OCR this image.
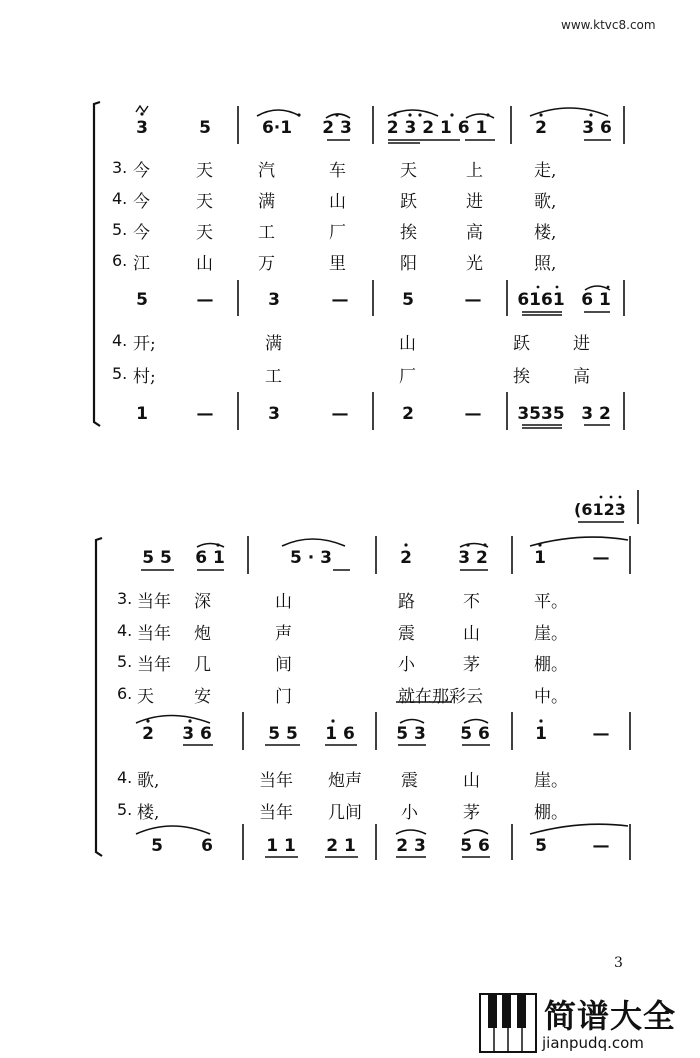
www.ktvc8.com
3	5	6·1 2 3 2 3 2 1 6 1	2 3 6
3. 今	天	汽	车	天	上	走,
4. 今	天	满	山	跃	进	歌,
5. 今	天	工	厂	挨	高	楼,
6. 江	山	万	里	阳	光	照,
5	—	3	—	5	— 6161 6 1
4. 开;	满	山	跃	进
5. 村;	工	厂	挨	高
1	—	3	—	2	— 3535 3 2
(6123
5 5 6 1	5 · 3	2	3 2	1	—
3. 当年 深	山	路	不	平。
4. 当年 炮	声	震	山	崖。
5. 当年 几	间	小	茅	棚。
6. 天 安	门	就在那彩云	中。
2 3 6	5 5 1 6 5 3 5 6	1	—
4. 歌,	当年 炮声 震	山	崖。
5. 楼,	当年 几间 小	茅	棚。
5 6	1 1 2 1 2 3 5 6	5	—
3
简谱大全
jianpudq.com
